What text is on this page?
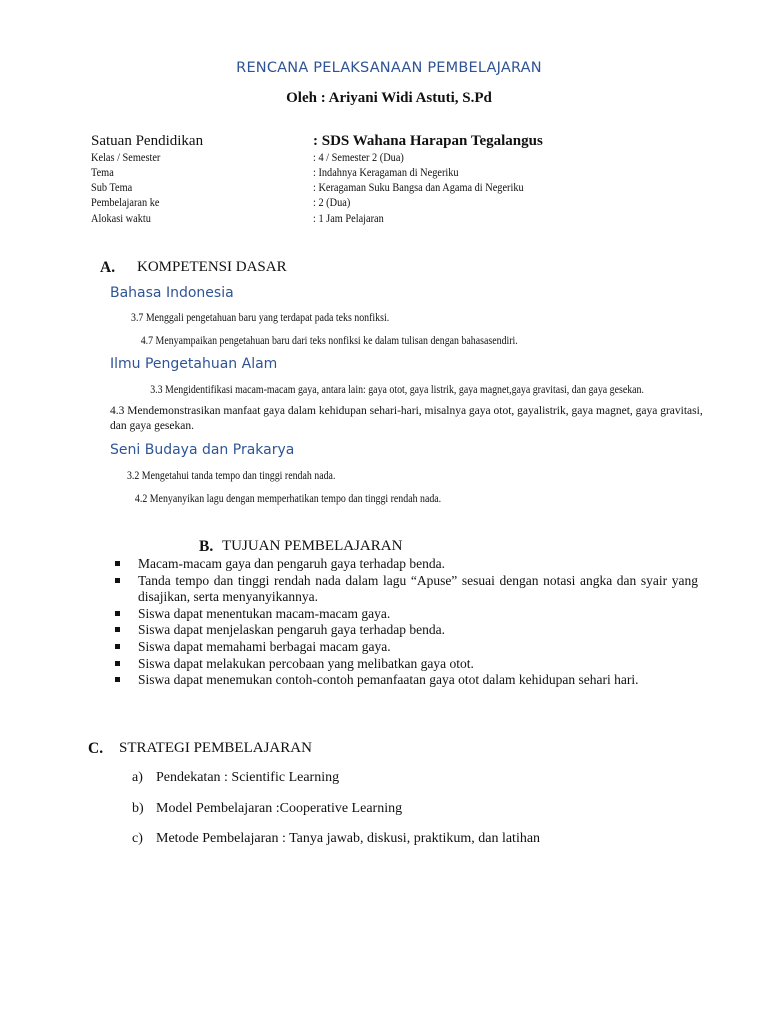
RENCANA PELAKSANAAN PEMBELAJARAN
Oleh : Ariyani Widi Astuti, S.Pd
Satuan Pendidikan	: SDS Wahana Harapan Tegalangus
Kelas / Semester	: 4 / Semester 2 (Dua)
Tema	: Indahnya Keragaman di Negeriku
Sub Tema	: Keragaman Suku Bangsa dan Agama di Negeriku
Pembelajaran ke	: 2 (Dua)
Alokasi waktu	: 1 Jam Pelajaran
A. KOMPETENSI DASAR
Bahasa Indonesia
3.7 Menggali pengetahuan baru yang terdapat pada teks nonfiksi.
4.7 Menyampaikan pengetahuan baru dari teks nonfiksi ke dalam tulisan dengan bahasasendiri.
Ilmu Pengetahuan Alam
3.3 Mengidentifikasi macam-macam gaya, antara lain: gaya otot, gaya listrik, gaya magnet,gaya gravitasi, dan gaya gesekan.
4.3 Mendemonstrasikan manfaat gaya dalam kehidupan sehari-hari, misalnya gaya otot, gayalistrik, gaya magnet, gaya gravitasi, dan gaya gesekan.
Seni Budaya dan Prakarya
3.2 Mengetahui tanda tempo dan tinggi rendah nada.
4.2 Menyanyikan lagu dengan memperhatikan tempo dan tinggi rendah nada.
B. TUJUAN PEMBELAJARAN
Macam-macam gaya dan pengaruh gaya terhadap benda.
Tanda tempo dan tinggi rendah nada dalam lagu “Apuse” sesuai dengan notasi angka dan syair yang disajikan, serta menyanyikannya.
Siswa dapat menentukan macam-macam gaya.
Siswa dapat menjelaskan pengaruh gaya terhadap benda.
Siswa dapat memahami berbagai macam gaya.
Siswa dapat melakukan percobaan yang melibatkan gaya otot.
Siswa dapat menemukan contoh-contoh pemanfaatan gaya otot dalam kehidupan sehari hari.
C. STRATEGI PEMBELAJARAN
a) Pendekatan : Scientific Learning
b) Model Pembelajaran :Cooperative Learning
c) Metode Pembelajaran : Tanya jawab, diskusi, praktikum, dan latihan
